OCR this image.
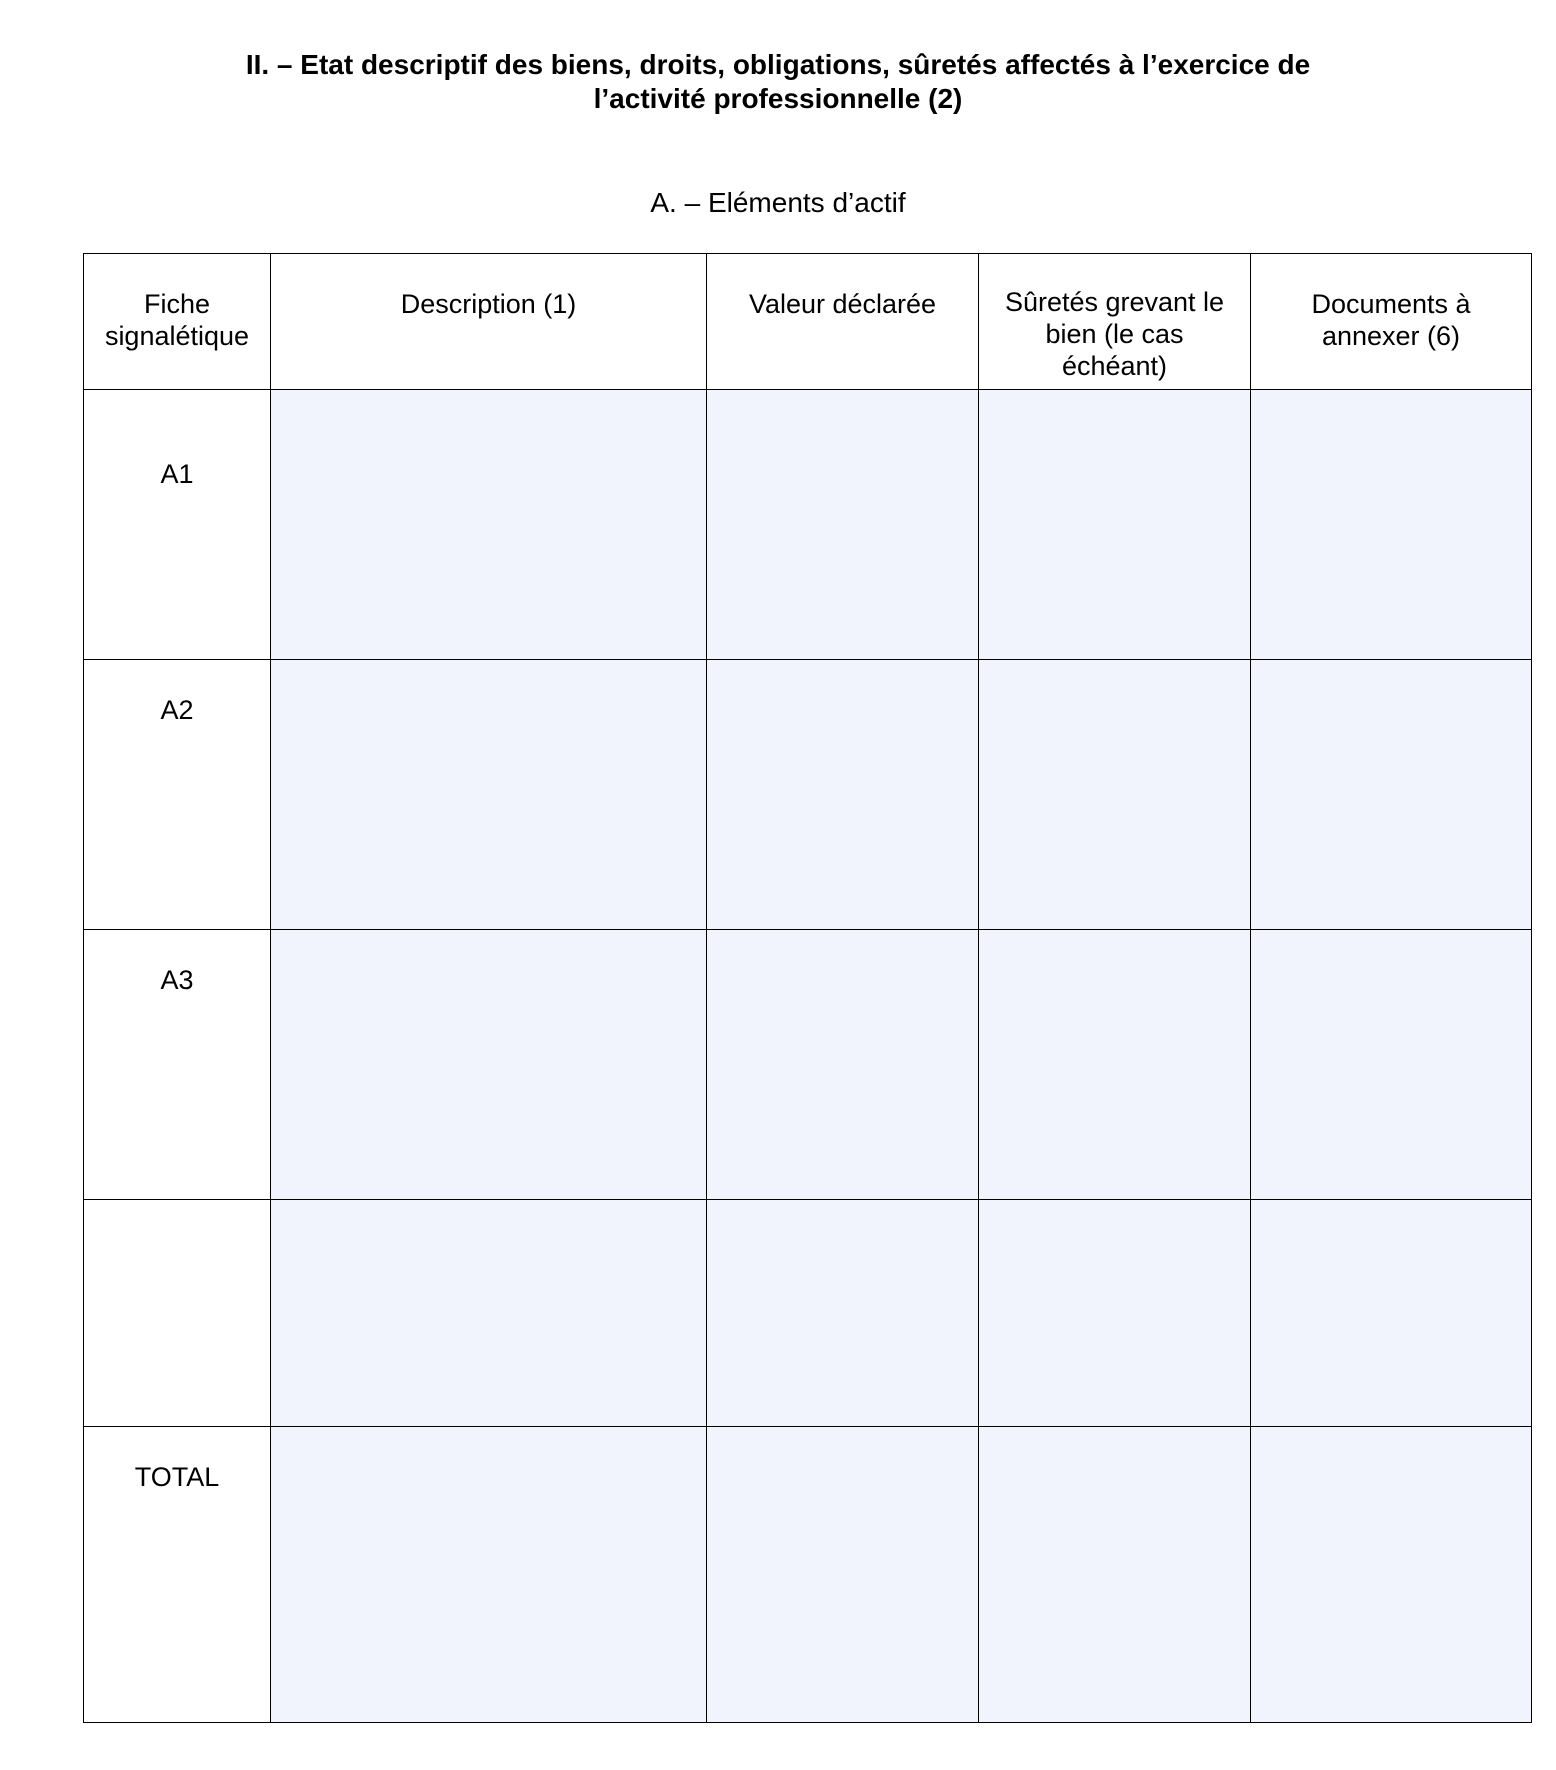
II. – Etat descriptif des biens, droits, obligations, sûretés affectés à l’exercice de
l’activité professionnelle (2)
A. – Eléments d’actif
Fiche
signalétique	Description (1)	Valeur déclarée	Sûretés grevant le
bien (le cas
échéant)	Documents à
annexer (6)

A1				
A2				
A3				

TOTAL				
